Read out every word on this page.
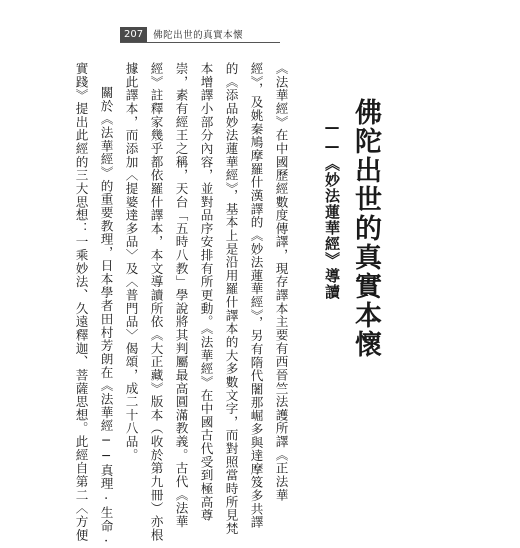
207	佛陀出世的真實本懷
佛陀出世的真實本懷
——《妙法蓮華經》導讀
《法華經》在中國歷經數度傳譯，現存譯本主要有西晉竺法護所譯《正法華
經》，及姚秦鳩摩羅什漢譯的《妙法蓮華經》，另有隋代闍那崛多與達摩笈多共譯
的《添品妙法蓮華經》，基本上是沿用羅什譯本的大多數文字，而對照當時所見梵
本增譯小部分內容，並對品序安排有所更動。《法華經》在中國古代受到極高尊
崇，素有經王之稱，天台「五時八教」學說將其判屬最高圓滿教義。古代《法華
經》註釋家幾乎都依羅什譯本，本文導讀所依《大正藏》版本（收於第九冊）亦根
據此譯本，而添加〈提婆達多品〉及〈普門品〉偈頌，成二十八品。
關於《法華經》的重要教理，日本學者田村芳朗在《法華經──真理·生命·
實踐》提出此經的三大思想：一乘妙法、久遠釋迦、菩薩思想。此經自第二〈方便
